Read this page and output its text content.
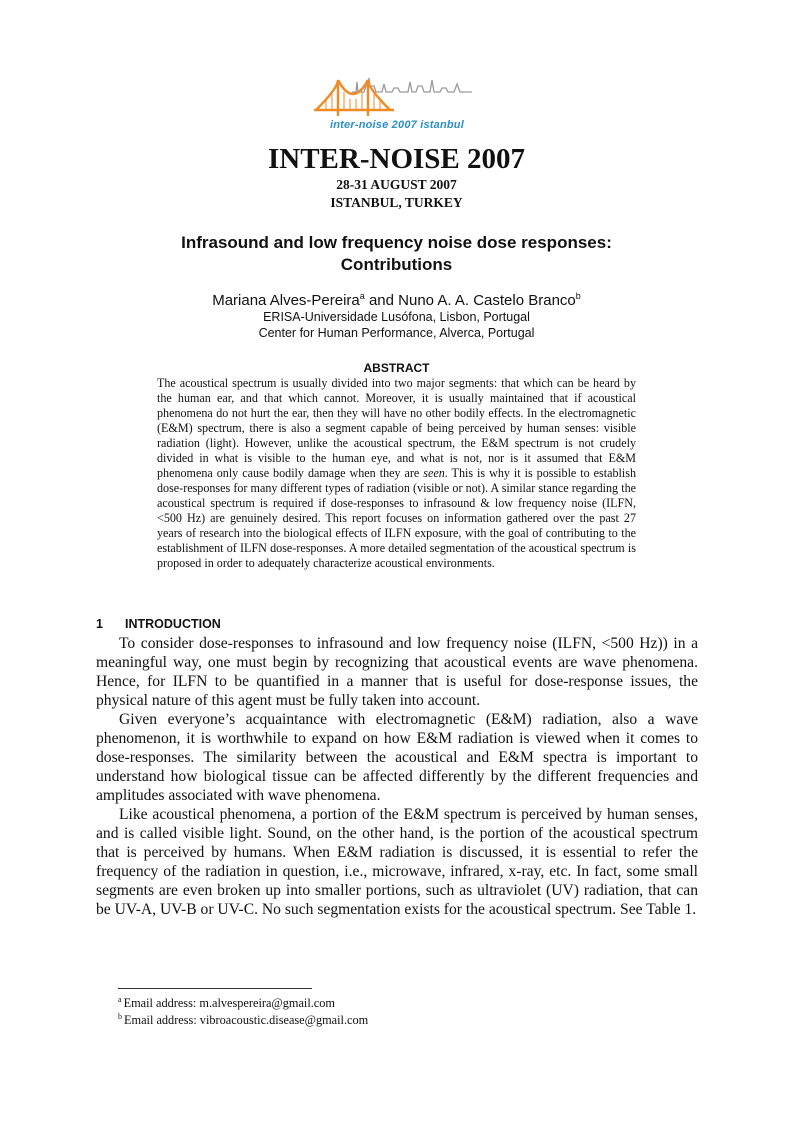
inter-noise 2007 istanbul
INTER-NOISE 2007
28-31 AUGUST 2007
ISTANBUL, TURKEY
Infrasound and low frequency noise dose responses:
Contributions
Mariana Alves-Pereira$^a$ and Nuno A. A. Castelo Branco$^b$
ERISA-Universidade Lusófona, Lisbon, Portugal
Center for Human Performance, Alverca, Portugal
ABSTRACT

The acoustical spectrum is usually divided into two major segments: that which can be heard by the human ear, and that which cannot. Moreover, it is usually maintained that if acoustical phenomena do not hurt the ear, then they will have no other bodily effects. In the electromagnetic (E&M) spectrum, there is also a segment capable of being perceived by human senses: visible radiation (light). However, unlike the acoustical spectrum, the E&M spectrum is not crudely divided in what is visible to the human eye, and what is not, nor is it assumed that E&M phenomena only cause bodily damage when they are seen. This is why it is possible to establish dose-responses for many different types of radiation (visible or not). A similar stance regarding the acoustical spectrum is required if dose-responses to infrasound & low frequency noise (ILFN, <500 Hz) are genuinely desired. This report focuses on information gathered over the past 27 years of research into the biological effects of ILFN exposure, with the goal of contributing to the establishment of ILFN dose-responses. A more detailed segmentation of the acoustical spectrum is proposed in order to adequately characterize acoustical environments.

1 INTRODUCTION

To consider dose-responses to infrasound and low frequency noise (ILFN, <500 Hz)) in a meaningful way, one must begin by recognizing that acoustical events are wave phenomena. Hence, for ILFN to be quantified in a manner that is useful for dose-response issues, the physical nature of this agent must be fully taken into account.

Given everyone’s acquaintance with electromagnetic (E&M) radiation, also a wave phenomenon, it is worthwhile to expand on how E&M radiation is viewed when it comes to dose-responses. The similarity between the acoustical and E&M spectra is important to understand how biological tissue can be affected differently by the different frequencies and amplitudes associated with wave phenomena.

Like acoustical phenomena, a portion of the E&M spectrum is perceived by human senses, and is called visible light. Sound, on the other hand, is the portion of the acoustical spectrum that is perceived by humans. When E&M radiation is discussed, it is essential to refer the frequency of the radiation in question, i.e., microwave, infrared, x-ray, etc. In fact, some small segments are even broken up into smaller portions, such as ultraviolet (UV) radiation, that can be UV-A, UV-B or UV-C. No such segmentation exists for the acoustical spectrum. See Table 1.

$^a$ Email address: m.alvespereira@gmail.com
$^b$ Email address: vibroacoustic.disease@gmail.com
